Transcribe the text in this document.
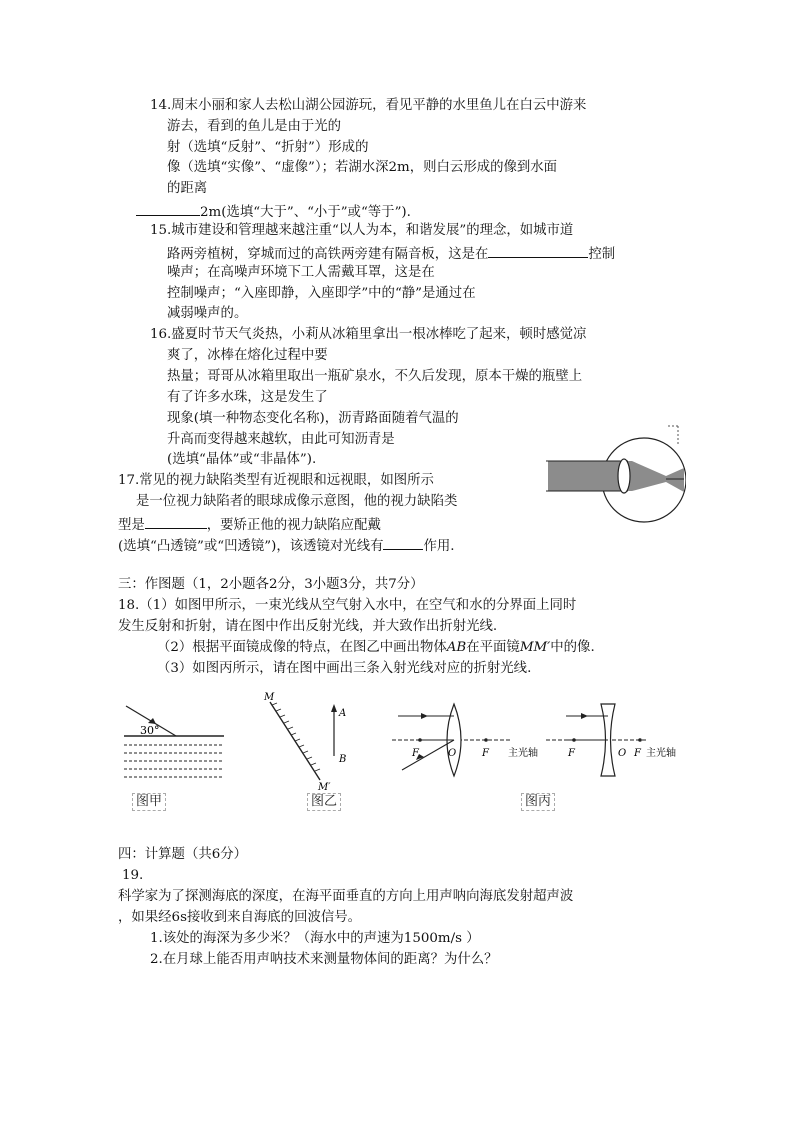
14.周末小丽和家人去松山湖公园游玩，看见平静的水里鱼儿在白云中游来
游去，看到的鱼儿是由于光的
射（选填“反射”、“折射”）形成的
像（选填“实像”、“虚像”）；若湖水深2m，则白云形成的像到水面
的距离
2m(选填“大于”、“小于”或“等于”).
15.城市建设和管理越来越注重“以人为本，和谐发展”的理念，如城市道
路两旁植树，穿城而过的高铁两旁建有隔音板，这是在	控制
噪声；在高噪声环境下工人需戴耳罩，这是在
控制噪声；“入座即静，入座即学”中的“静”是通过在
减弱噪声的。
16.盛夏时节天气炎热，小莉从冰箱里拿出一根冰棒吃了起来，顿时感觉凉
爽了，冰棒在熔化过程中要
热量；哥哥从冰箱里取出一瓶矿泉水，不久后发现，原本干燥的瓶壁上
有了许多水珠，这是发生了
现象(填一种物态变化名称)，沥青路面随着气温的
升高而变得越来越软，由此可知沥青是
(选填“晶体”或“非晶体”).
17.常见的视力缺陷类型有近视眼和远视眼，如图所示
是一位视力缺陷者的眼球成像示意图，他的视力缺陷类
型是	，要矫正他的视力缺陷应配戴
(选填“凸透镜”或“凹透镜”)，该透镜对光线有	作用.
三：作图题（1，2小题各2分，3小题3分，共7分）
18.（1）如图甲所示，一束光线从空气射入水中，在空气和水的分界面上同时
发生反射和折射，请在图中作出反射光线，并大致作出折射光线.
（2）根据平面镜成像的特点，在图乙中画出物体AB在平面镜MM′中的像.
（3）如图丙所示，请在图中画出三条入射光线对应的折射光线.
30°
图甲
M
M′
A
B
图乙
F	O	F 主光轴	F	O F 主光轴
图丙
四：计算题（共6分）
19.
科学家为了探测海底的深度，在海平面垂直的方向上用声呐向海底发射超声波
，如果经6s接收到来自海底的回波信号。
1.该处的海深为多少米？（海水中的声速为1500m/s ）
2.在月球上能否用声呐技术来测量物体间的距离？为什么？
